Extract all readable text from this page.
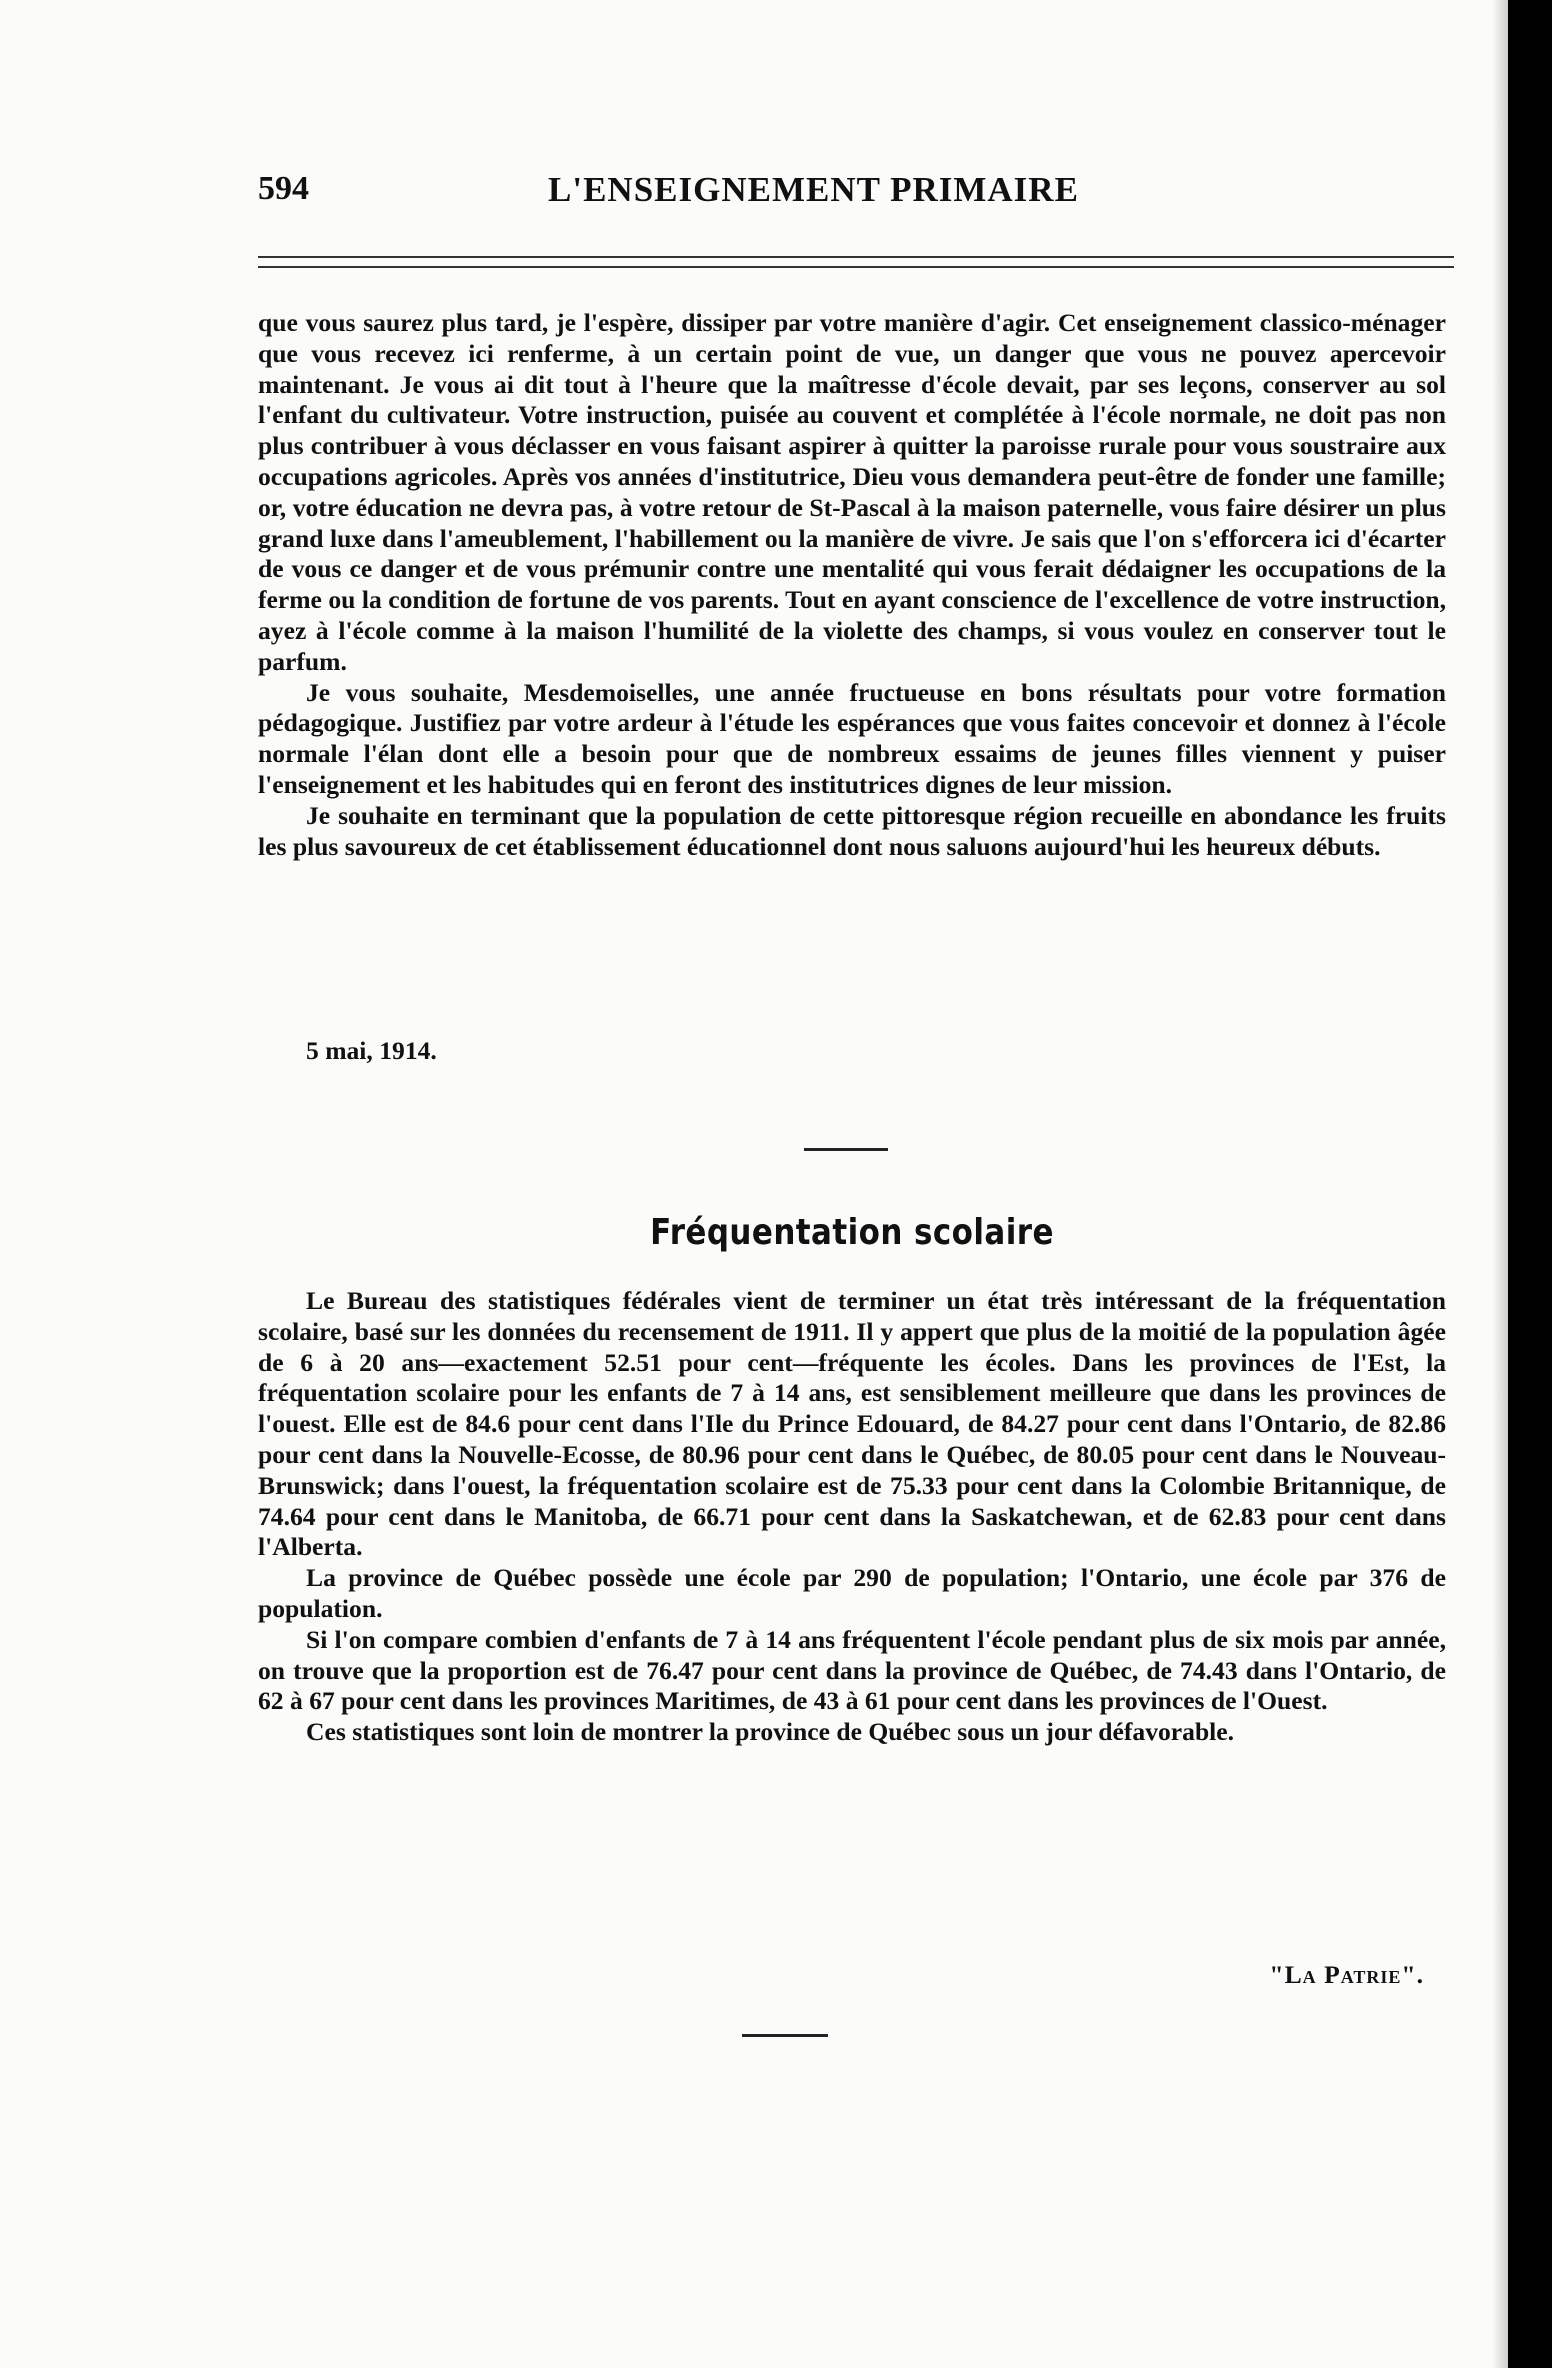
594	L'ENSEIGNEMENT PRIMAIRE

que vous saurez plus tard, je l'espère, dissiper par votre manière d'agir. Cet enseignement classico-ménager que vous recevez ici renferme, à un certain point de vue, un danger que vous ne pouvez apercevoir maintenant. Je vous ai dit tout à l'heure que la maîtresse d'école devait, par ses leçons, conserver au sol l'enfant du cultivateur. Votre instruction, puisée au couvent et complétée à l'école normale, ne doit pas non plus contribuer à vous déclasser en vous faisant aspirer à quitter la paroisse rurale pour vous soustraire aux occupations agricoles. Après vos années d'institutrice, Dieu vous demandera peut-être de fonder une famille; or, votre éducation ne devra pas, à votre retour de St-Pascal à la maison paternelle, vous faire désirer un plus grand luxe dans l'ameublement, l'habillement ou la manière de vivre. Je sais que l'on s'efforcera ici d'écarter de vous ce danger et de vous prémunir contre une mentalité qui vous ferait dédaigner les occupations de la ferme ou la condition de fortune de vos parents. Tout en ayant conscience de l'excellence de votre instruction, ayez à l'école comme à la maison l'humilité de la violette des champs, si vous voulez en conserver tout le parfum.

Je vous souhaite, Mesdemoiselles, une année fructueuse en bons résultats pour votre formation pédagogique. Justifiez par votre ardeur à l'étude les espérances que vous faites concevoir et donnez à l'école normale l'élan dont elle a besoin pour que de nombreux essaims de jeunes filles viennent y puiser l'enseignement et les habitudes qui en feront des institutrices dignes de leur mission.

Je souhaite en terminant que la population de cette pittoresque région recueille en abondance les fruits les plus savoureux de cet établissement éducationnel dont nous saluons aujourd'hui les heureux débuts.

5 mai, 1914.
Fréquentation scolaire

Le Bureau des statistiques fédérales vient de terminer un état très intéressant de la fréquentation scolaire, basé sur les données du recensement de 1911. Il y appert que plus de la moitié de la population âgée de 6 à 20 ans—exactement 52.51 pour cent—fréquente les écoles. Dans les provinces de l'Est, la fréquentation scolaire pour les enfants de 7 à 14 ans, est sensiblement meilleure que dans les provinces de l'ouest. Elle est de 84.6 pour cent dans l'Ile du Prince Edouard, de 84.27 pour cent dans l'Ontario, de 82.86 pour cent dans la Nouvelle-Ecosse, de 80.96 pour cent dans le Québec, de 80.05 pour cent dans le Nouveau-Brunswick; dans l'ouest, la fréquentation scolaire est de 75.33 pour cent dans la Colombie Britannique, de 74.64 pour cent dans le Manitoba, de 66.71 pour cent dans la Saskatchewan, et de 62.83 pour cent dans l'Alberta.

La province de Québec possède une école par 290 de population; l'Ontario, une école par 376 de population.

Si l'on compare combien d'enfants de 7 à 14 ans fréquentent l'école pendant plus de six mois par année, on trouve que la proportion est de 76.47 pour cent dans la province de Québec, de 74.43 dans l'Ontario, de 62 à 67 pour cent dans les provinces Maritimes, de 43 à 61 pour cent dans les provinces de l'Ouest.

Ces statistiques sont loin de montrer la province de Québec sous un jour défavorable.

"La Patrie".
